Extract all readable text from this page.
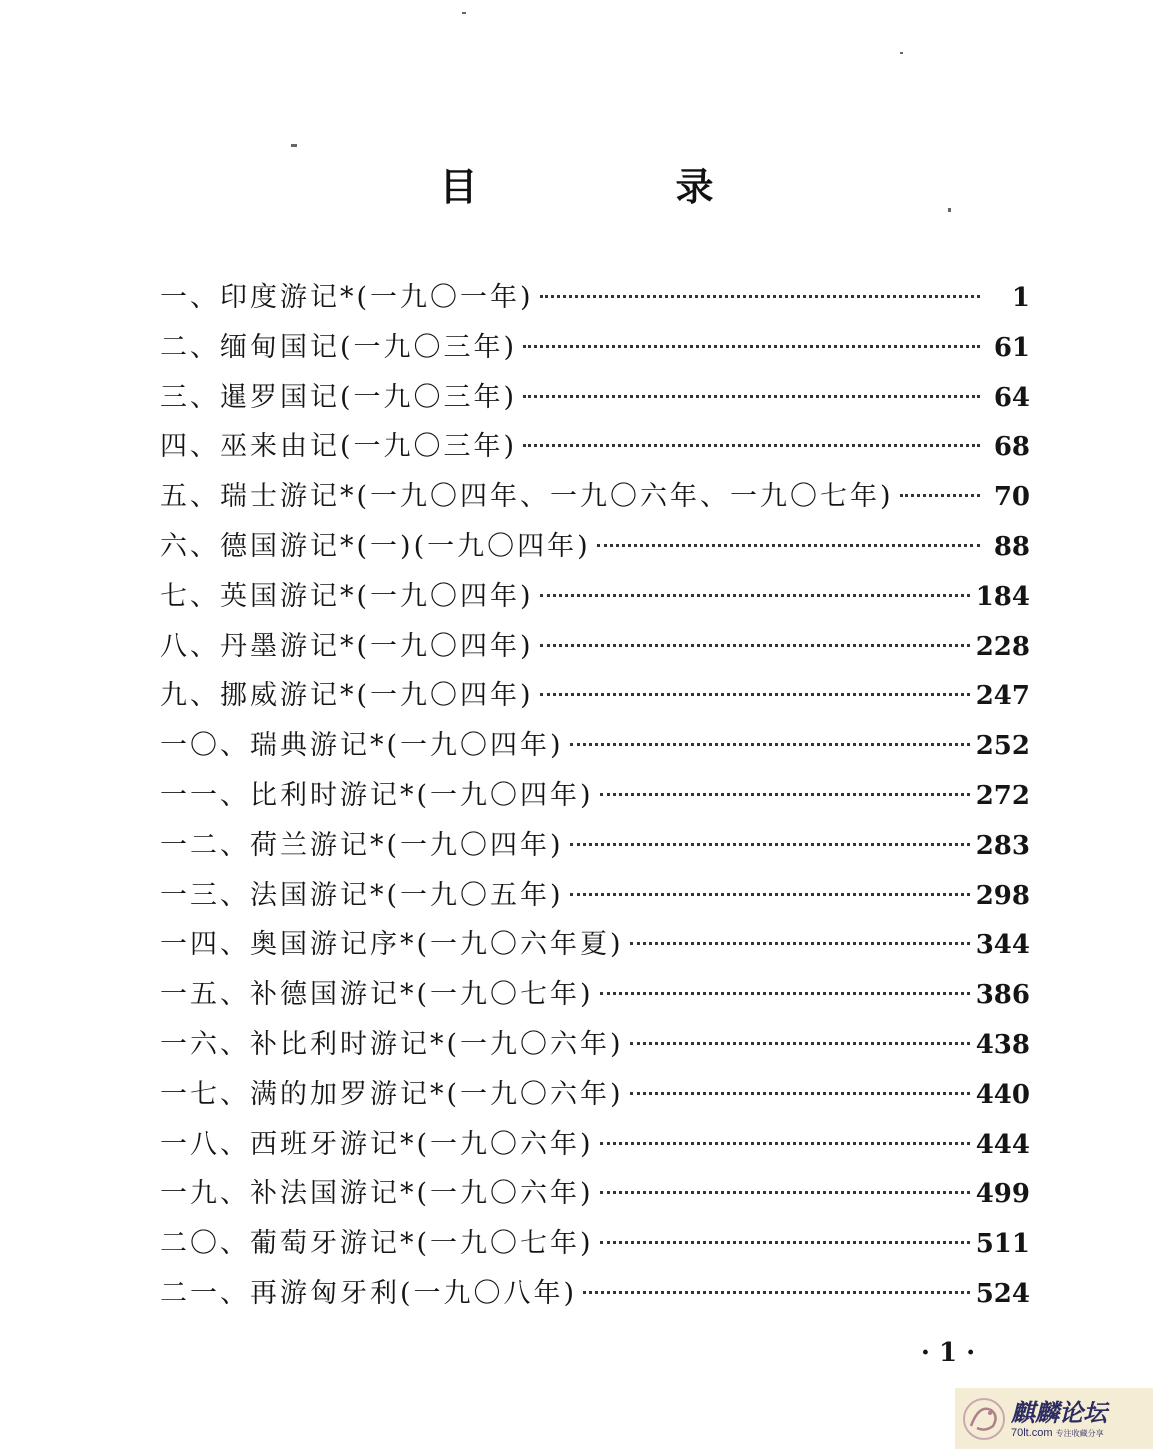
目　录
一、印度游记*(一九〇一年)	1
二、缅甸国记(一九〇三年)	61
三、暹罗国记(一九〇三年)	64
四、巫来由记(一九〇三年)	68
五、瑞士游记*(一九〇四年、一九〇六年、一九〇七年)	70
六、德国游记*(一)(一九〇四年)	88
七、英国游记*(一九〇四年)	184
八、丹墨游记*(一九〇四年)	228
九、挪威游记*(一九〇四年)	247
一〇、瑞典游记*(一九〇四年)	252
一一、比利时游记*(一九〇四年)	272
一二、荷兰游记*(一九〇四年)	283
一三、法国游记*(一九〇五年)	298
一四、奥国游记序*(一九〇六年夏)	344
一五、补德国游记*(一九〇七年)	386
一六、补比利时游记*(一九〇六年)	438
一七、满的加罗游记*(一九〇六年)	440
一八、西班牙游记*(一九〇六年)	444
一九、补法国游记*(一九〇六年)	499
二〇、葡萄牙游记*(一九〇七年)	511
二一、再游匈牙利(一九〇八年)	524
· 1 ·
麒麟论坛
70lt.com 专注收藏分享
